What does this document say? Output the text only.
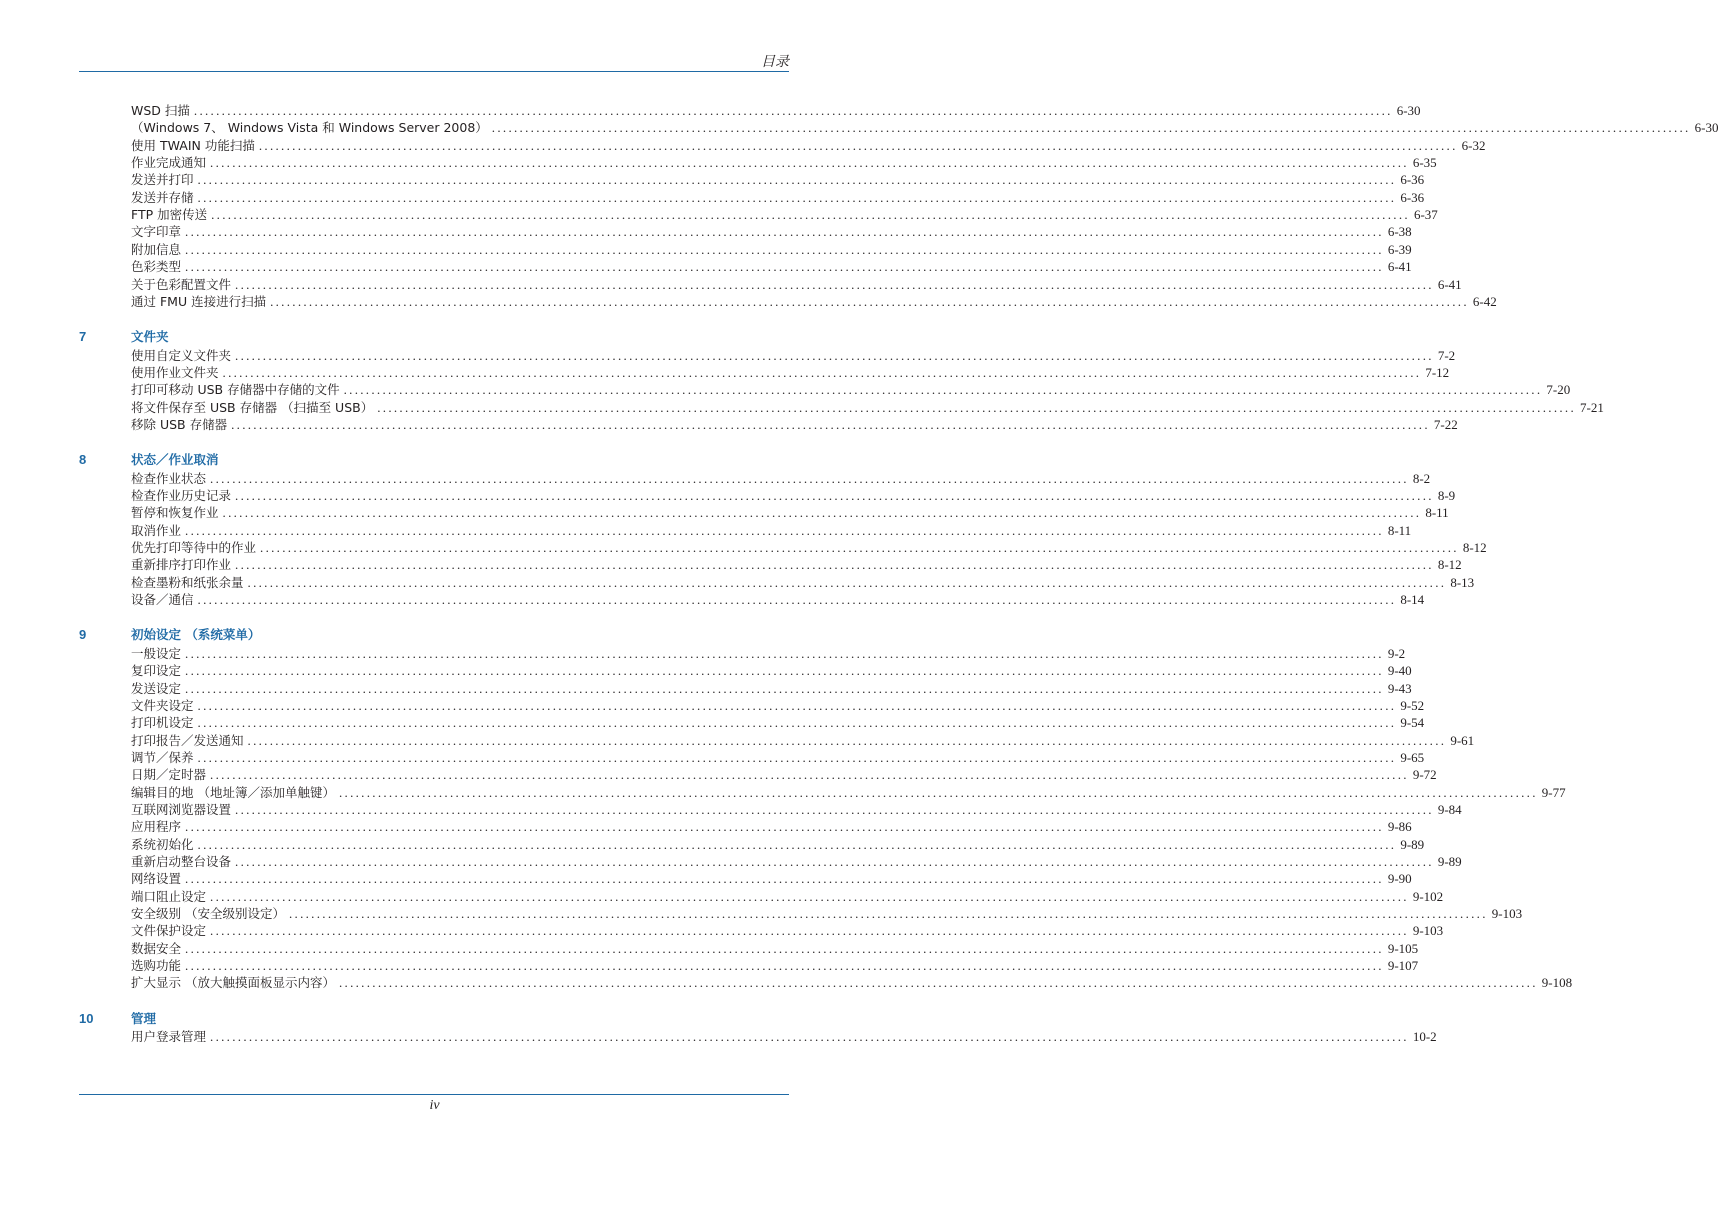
目录
WSD 扫描 ........................................................................................................................................................................................................................ 6-30
（Windows 7、 Windows Vista 和 Windows Server 2008） ........................................................................................................................................................................................................................ 6-30
使用 TWAIN 功能扫描 ........................................................................................................................................................................................................................ 6-32
作业完成通知 ........................................................................................................................................................................................................................ 6-35
发送并打印 ........................................................................................................................................................................................................................ 6-36
发送并存储 ........................................................................................................................................................................................................................ 6-36
FTP 加密传送 ........................................................................................................................................................................................................................ 6-37
文字印章 ........................................................................................................................................................................................................................ 6-38
附加信息 ........................................................................................................................................................................................................................ 6-39
色彩类型 ........................................................................................................................................................................................................................ 6-41
关于色彩配置文件 ........................................................................................................................................................................................................................ 6-41
通过 FMU 连接进行扫描 ........................................................................................................................................................................................................................ 6-42
7	文件夹
使用自定义文件夹 ........................................................................................................................................................................................................................ 7-2
使用作业文件夹 ........................................................................................................................................................................................................................ 7-12
打印可移动 USB 存储器中存储的文件 ........................................................................................................................................................................................................................ 7-20
将文件保存至 USB 存储器 （扫描至 USB） ........................................................................................................................................................................................................................ 7-21
移除 USB 存储器 ........................................................................................................................................................................................................................ 7-22
8	状态／作业取消
检查作业状态 ........................................................................................................................................................................................................................ 8-2
检查作业历史记录 ........................................................................................................................................................................................................................ 8-9
暂停和恢复作业 ........................................................................................................................................................................................................................ 8-11
取消作业 ........................................................................................................................................................................................................................ 8-11
优先打印等待中的作业 ........................................................................................................................................................................................................................ 8-12
重新排序打印作业 ........................................................................................................................................................................................................................ 8-12
检查墨粉和纸张余量 ........................................................................................................................................................................................................................ 8-13
设备／通信 ........................................................................................................................................................................................................................ 8-14
9	初始设定 （系统菜单）
一般设定 ........................................................................................................................................................................................................................ 9-2
复印设定 ........................................................................................................................................................................................................................ 9-40
发送设定 ........................................................................................................................................................................................................................ 9-43
文件夹设定 ........................................................................................................................................................................................................................ 9-52
打印机设定 ........................................................................................................................................................................................................................ 9-54
打印报告／发送通知 ........................................................................................................................................................................................................................ 9-61
调节／保养 ........................................................................................................................................................................................................................ 9-65
日期／定时器 ........................................................................................................................................................................................................................ 9-72
编辑目的地 （地址簿／添加单触键） ........................................................................................................................................................................................................................ 9-77
互联网浏览器设置 ........................................................................................................................................................................................................................ 9-84
应用程序 ........................................................................................................................................................................................................................ 9-86
系统初始化 ........................................................................................................................................................................................................................ 9-89
重新启动整台设备 ........................................................................................................................................................................................................................ 9-89
网络设置 ........................................................................................................................................................................................................................ 9-90
端口阻止设定 ........................................................................................................................................................................................................................ 9-102
安全级别 （安全级别设定） ........................................................................................................................................................................................................................ 9-103
文件保护设定 ........................................................................................................................................................................................................................ 9-103
数据安全 ........................................................................................................................................................................................................................ 9-105
选购功能 ........................................................................................................................................................................................................................ 9-107
扩大显示 （放大触摸面板显示内容） ........................................................................................................................................................................................................................ 9-108
10	管理
用户登录管理 ........................................................................................................................................................................................................................ 10-2
iv
